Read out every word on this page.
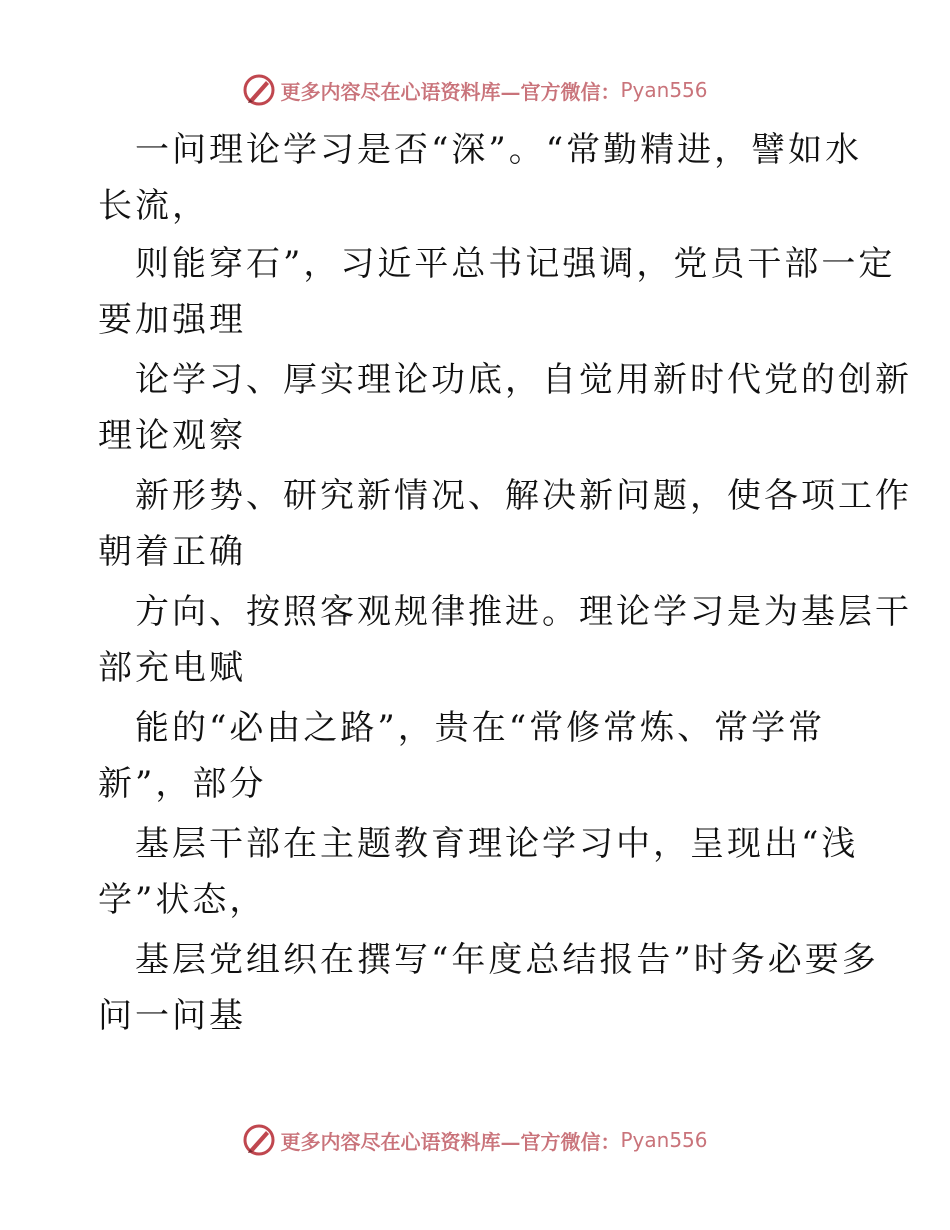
更多内容尽在心语资料库—官方微信： Pyan556
一问理论学习是否“深”。“常勤精进，譬如水
长流，
则能穿石”，习近平总书记强调，党员干部一定
要加强理
论学习、厚实理论功底，自觉用新时代党的创新
理论观察
新形势、研究新情况、解决新问题，使各项工作
朝着正确
方向、按照客观规律推进。理论学习是为基层干
部充电赋
能的“必由之路”，贵在“常修常炼、常学常
新”，部分
基层干部在主题教育理论学习中，呈现出“浅
学”状态，
基层党组织在撰写“年度总结报告”时务必要多
问一问基
更多内容尽在心语资料库—官方微信： Pyan556
